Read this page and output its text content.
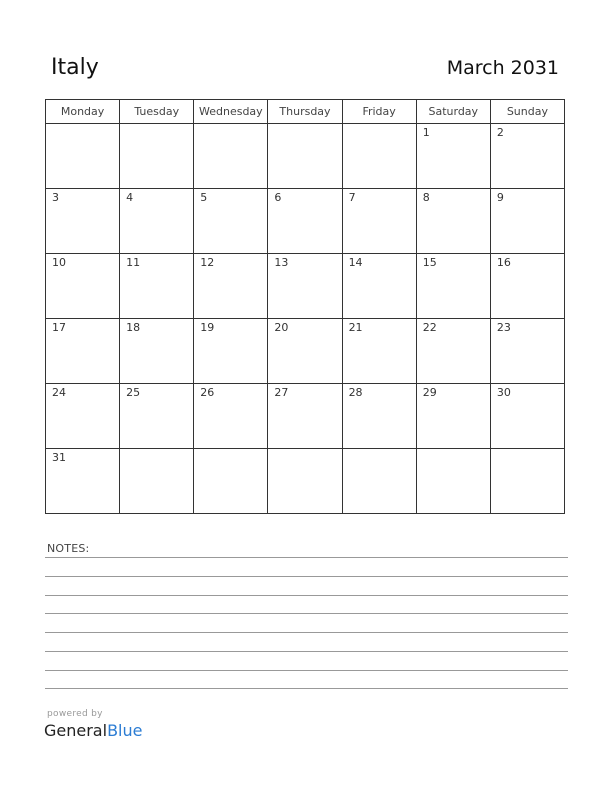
Italy	March 2031
Monday	Tuesday	Wednesday	Thursday	Friday	Saturday	Sunday

					1	2

3	4	5	6	7	8	9

10	11	12	13	14	15	16

17	18	19	20	21	22	23

24	25	26	27	28	29	30

31						

NOTES:
powered by
GeneralBlue
